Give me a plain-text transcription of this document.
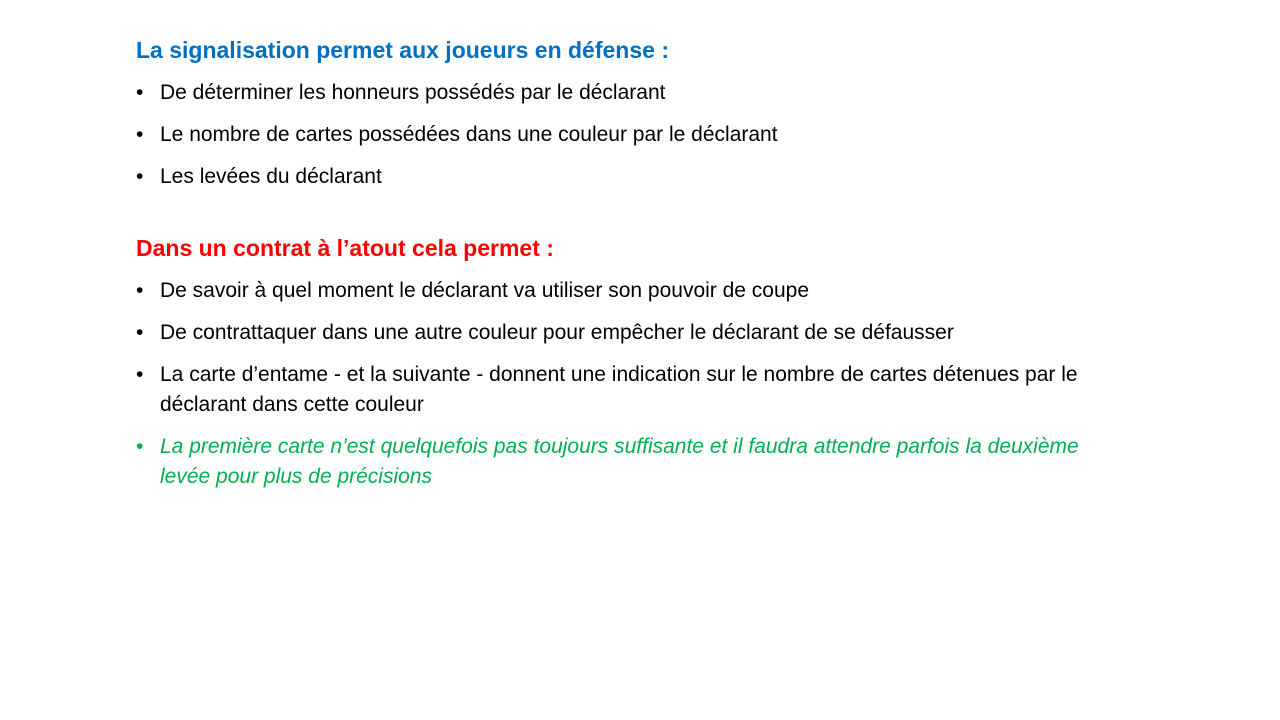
La signalisation permet aux joueurs en défense :
• De déterminer les honneurs possédés par le déclarant
• Le nombre de cartes possédées dans une couleur par le déclarant
• Les levées du déclarant
Dans un contrat à l’atout cela permet :
• De savoir à quel moment le déclarant va utiliser son pouvoir de coupe
• De contrattaquer dans une autre couleur pour empêcher le déclarant de se défausser
• La carte d’entame - et la suivante - donnent une indication sur le nombre de cartes détenues par le déclarant dans cette couleur
• La première carte n’est quelquefois pas toujours suffisante et il faudra attendre parfois la deuxième levée pour plus de précisions
